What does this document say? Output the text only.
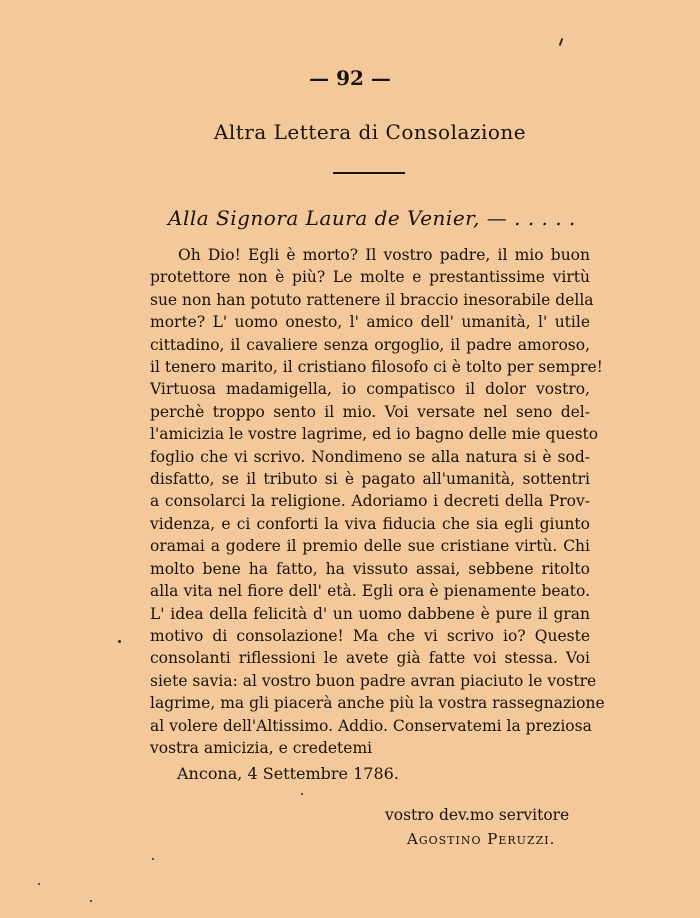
— 92 —
Altra Lettera di Consolazione
Alla Signora Laura de Venier, — . . . . .
Oh Dio! Egli è morto? Il vostro padre, il mio buon
protettore non è più? Le molte e prestantissime virtù
sue non han potuto rattenere il braccio inesorabile della
morte? L' uomo onesto, l' amico dell' umanità, l' utile
cittadino, il cavaliere senza orgoglio, il padre amoroso,
il tenero marito, il cristiano filosofo ci è tolto per sempre!
Virtuosa madamigella, io compatisco il dolor vostro,
perchè troppo sento il mio. Voi versate nel seno del-
l'amicizia le vostre lagrime, ed io bagno delle mie questo
foglio che vi scrivo. Nondimeno se alla natura si è sod-
disfatto, se il tributo si è pagato all'umanità, sottentri
a consolarci la religione. Adoriamo i decreti della Prov-
videnza, e ci conforti la viva fiducia che sia egli giunto
oramai a godere il premio delle sue cristiane virtù. Chi
molto bene ha fatto, ha vissuto assai, sebbene ritolto
alla vita nel fiore dell' età. Egli ora è pienamente beato.
L' idea della felicità d' un uomo dabbene è pure il gran
motivo di consolazione! Ma che vi scrivo io? Queste
consolanti riflessioni le avete già fatte voi stessa. Voi
siete savia: al vostro buon padre avran piaciuto le vostre
lagrime, ma gli piacerà anche più la vostra rassegnazione
al volere dell'Altissimo. Addio. Conservatemi la preziosa
vostra amicizia, e credetemi
Ancona, 4 Settembre 1786.
vostro dev.mo servitore
Agostino Peruzzi.
